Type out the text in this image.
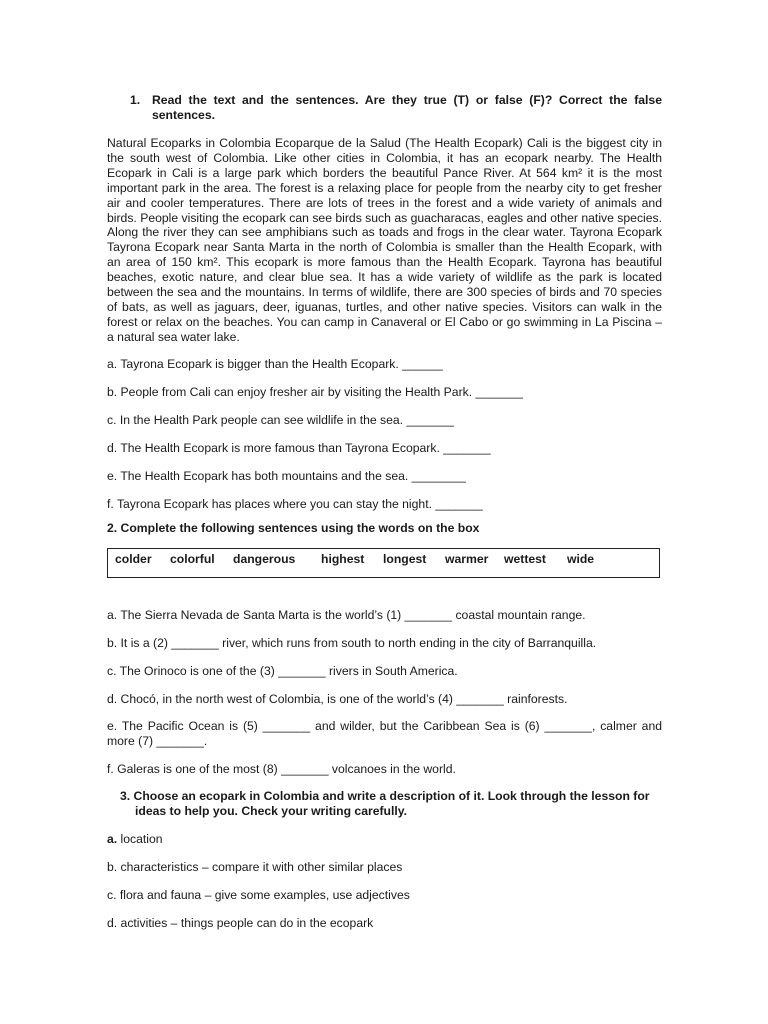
1. Read the text and the sentences. Are they true (T) or false (F)? Correct the false sentences.

Natural Ecoparks in Colombia Ecoparque de la Salud (The Health Ecopark) Cali is the biggest city in the south west of Colombia. Like other cities in Colombia, it has an ecopark nearby. The Health Ecopark in Cali is a large park which borders the beautiful Pance River. At 564 km² it is the most important park in the area. The forest is a relaxing place for people from the nearby city to get fresher air and cooler temperatures. There are lots of trees in the forest and a wide variety of animals and birds. People visiting the ecopark can see birds such as guacharacas, eagles and other native species. Along the river they can see amphibians such as toads and frogs in the clear water. Tayrona Ecopark Tayrona Ecopark near Santa Marta in the north of Colombia is smaller than the Health Ecopark, with an area of 150 km². This ecopark is more famous than the Health Ecopark. Tayrona has beautiful beaches, exotic nature, and clear blue sea. It has a wide variety of wildlife as the park is located between the sea and the mountains. In terms of wildlife, there are 300 species of birds and 70 species of bats, as well as jaguars, deer, iguanas, turtles, and other native species. Visitors can walk in the forest or relax on the beaches. You can camp in Canaveral or El Cabo or go swimming in La Piscina – a natural sea water lake.

a. Tayrona Ecopark is bigger than the Health Ecopark. ______

b. People from Cali can enjoy fresher air by visiting the Health Park. _______

c. In the Health Park people can see wildlife in the sea. _______

d. The Health Ecopark is more famous than Tayrona Ecopark. _______

e. The Health Ecopark has both mountains and the sea. ________

f. Tayrona Ecopark has places where you can stay the night. _______

2. Complete the following sentences using the words on the box
colder colorful dangerous highest longest warmer wettest wide

a. The Sierra Nevada de Santa Marta is the world’s (1) _______ coastal mountain range.

b. It is a (2) _______ river, which runs from south to north ending in the city of Barranquilla.

c. The Orinoco is one of the (3) _______ rivers in South America.

d. Chocó, in the north west of Colombia, is one of the world’s (4) _______ rainforests.

e. The Pacific Ocean is (5) _______ and wilder, but the Caribbean Sea is (6) _______, calmer and more (7) _______.

f. Galeras is one of the most (8) _______ volcanoes in the world.

3. Choose an ecopark in Colombia and write a description of it. Look through the lesson for
ideas to help you. Check your writing carefully.

a. location

b. characteristics – compare it with other similar places

c. flora and fauna – give some examples, use adjectives

d. activities – things people can do in the ecopark
